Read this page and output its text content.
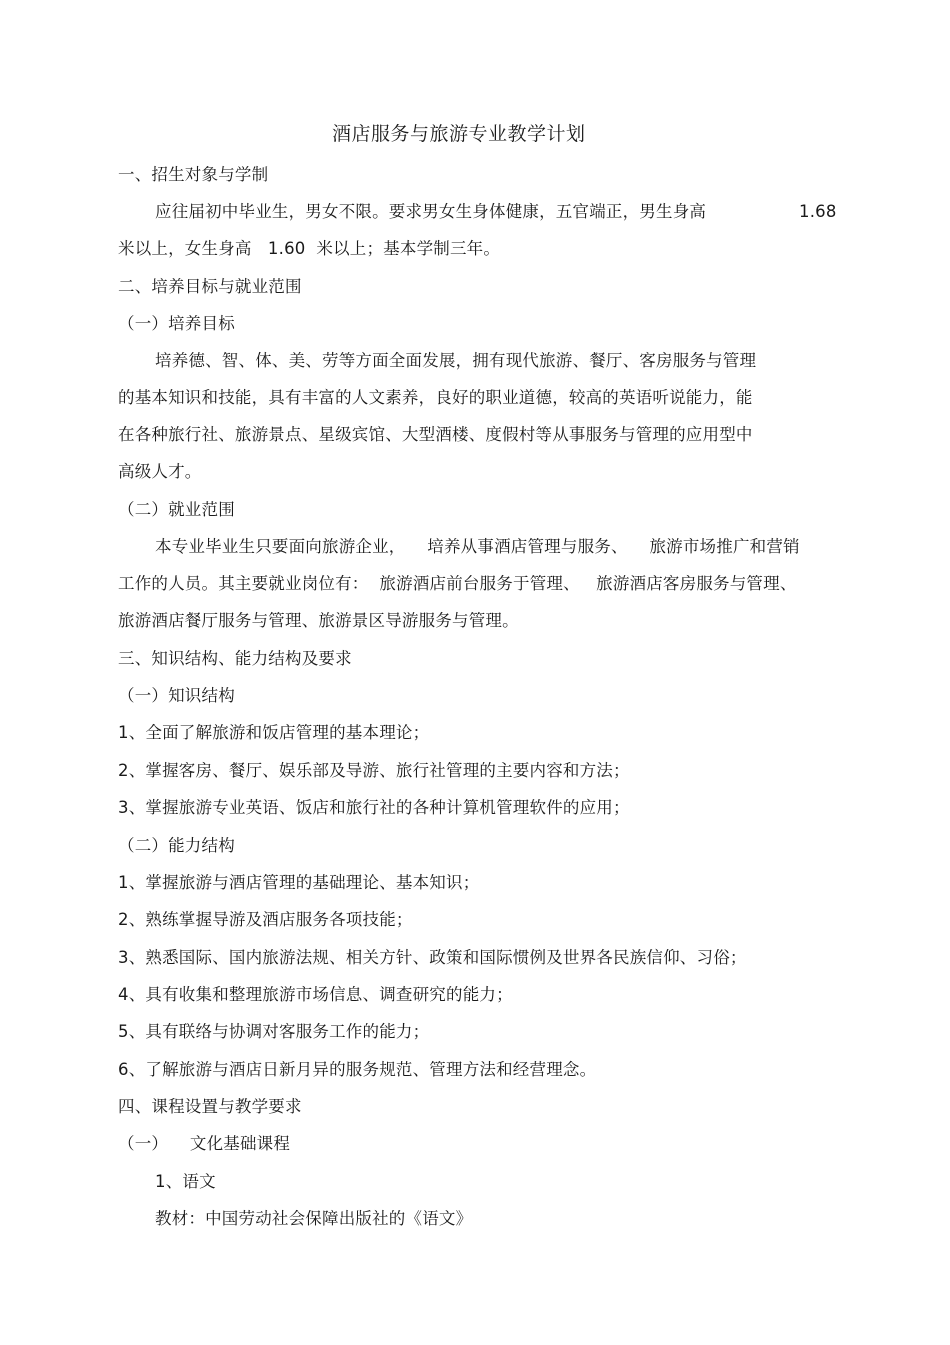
酒店服务与旅游专业教学计划
一、招生对象与学制
应往届初中毕业生，男女不限。要求男女生身体健康，五官端正，男生身高	1.68
米以上，女生身高   1.60  米以上；基本学制三年。
二、培养目标与就业范围
（一）培养目标
培养德、智、体、美、劳等方面全面发展，拥有现代旅游、餐厅、客房服务与管理
的基本知识和技能，具有丰富的人文素养，良好的职业道德，较高的英语听说能力，能
在各种旅行社、旅游景点、星级宾馆、大型酒楼、度假村等从事服务与管理的应用型中
高级人才。
（二）就业范围
本专业毕业生只要面向旅游企业，    培养从事酒店管理与服务、    旅游市场推广和营销
工作的人员。其主要就业岗位有：  旅游酒店前台服务于管理、   旅游酒店客房服务与管理、
旅游酒店餐厅服务与管理、旅游景区导游服务与管理。
三、知识结构、能力结构及要求
（一）知识结构
1、全面了解旅游和饭店管理的基本理论；
2、掌握客房、餐厅、娱乐部及导游、旅行社管理的主要内容和方法；
3、掌握旅游专业英语、饭店和旅行社的各种计算机管理软件的应用；
（二）能力结构
1、掌握旅游与酒店管理的基础理论、基本知识；
2、熟练掌握导游及酒店服务各项技能；
3、熟悉国际、国内旅游法规、相关方针、政策和国际惯例及世界各民族信仰、习俗；
4、具有收集和整理旅游市场信息、调查研究的能力；
5、具有联络与协调对客服务工作的能力；
6、了解旅游与酒店日新月异的服务规范、管理方法和经营理念。
四、课程设置与教学要求
（一）    文化基础课程
1、语文
教材：中国劳动社会保障出版社的《语文》
